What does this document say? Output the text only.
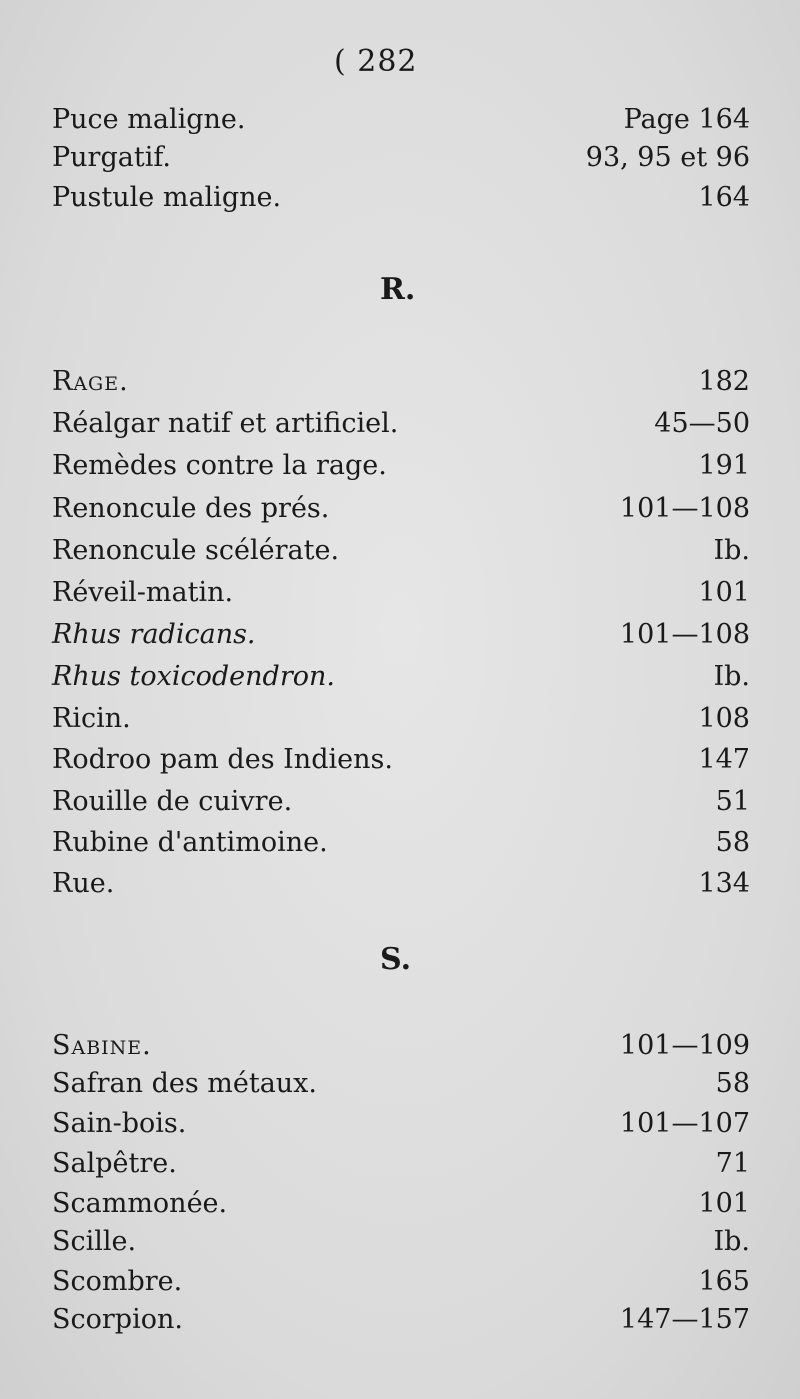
( 282
Puce maligne.	Page 164
Purgatif.	93, 95 et 96
Pustule maligne.	164
R.
Rage.	182
Réalgar natif et artificiel.	45—50
Remèdes contre la rage.	191
Renoncule des prés.	101—108
Renoncule scélérate.	Ib.
Réveil-matin.	101
Rhus radicans.	101—108
Rhus toxicodendron.	Ib.
Ricin.	108
Rodroo pam des Indiens.	147
Rouille de cuivre.	51
Rubine d'antimoine.	58
Rue.	134
S.
Sabine.	101—109
Safran des métaux.	58
Sain-bois.	101—107
Salpêtre.	71
Scammonée.	101
Scille.	Ib.
Scombre.	165
Scorpion.	147—157
